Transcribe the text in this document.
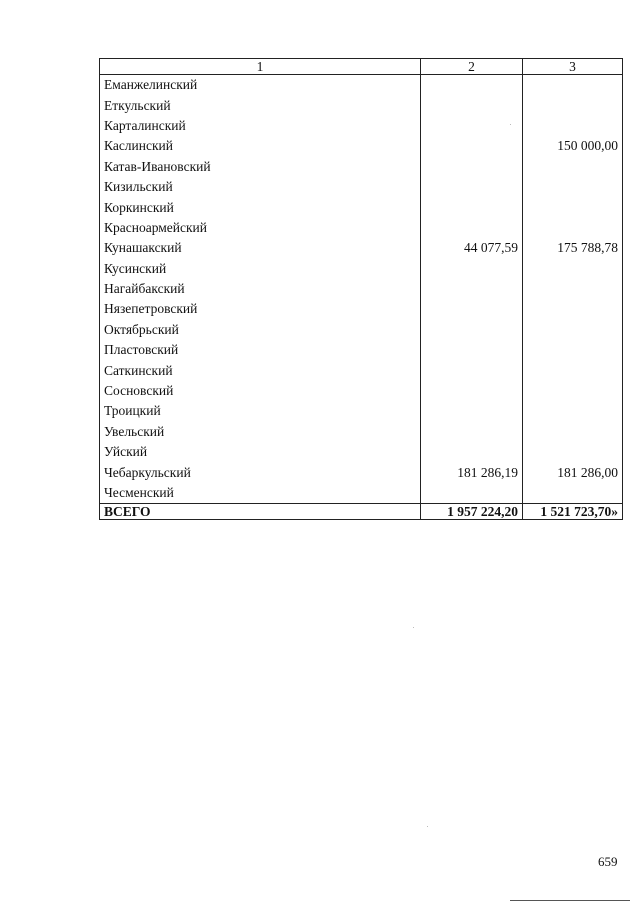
1	2	3
Еманжелинский		
Еткульский		
Карталинский		
Каслинский		150 000,00
Катав-Ивановский		
Кизильский		
Коркинский		
Красноармейский		
Кунашакский	44 077,59	175 788,78
Кусинский		
Нагайбакский		
Нязепетровский		
Октябрьский		
Пластовский		
Саткинский		
Сосновский		
Троицкий		
Увельский		
Уйский		
Чебаркульский	181 286,19	181 286,00
Чесменский		
ВСЕГО	1 957 224,20	1 521 723,70»
659
